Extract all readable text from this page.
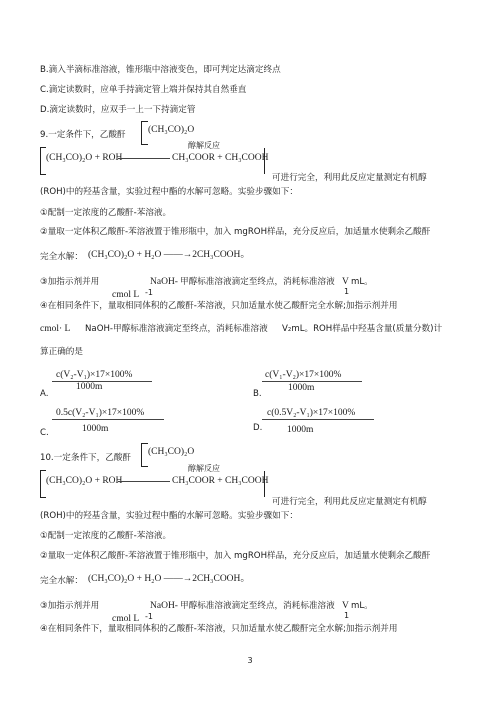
B.滴入半滴标准溶液，锥形瓶中溶液变色，即可判定达滴定终点
C.滴定读数时，应单手持滴定管上端并保持其自然垂直
D.滴定读数时，应双手一上一下持滴定管
9.一定条件下，乙酸酐 (CH₃CO)₂O
(CH₃CO)₂O + ROH
醇解反应
CH₃COOR + CH₃COOH
可进行完全，利用此反应定量测定有机醇
(ROH)中的羟基含量，实验过程中酯的水解可忽略。实验步骤如下：
①配制一定浓度的乙酸酐-苯溶液。
②量取一定体积乙酸酐-苯溶液置于锥形瓶中，加入 mgROH样品，充分反应后，加适量水使剩余乙酸酐
完全水解： (CH₃CO)₂O + H₂O ——→2CH₃COOH。
③加指示剂并用	NaOH- 甲醇标准溶液滴定至终点，消耗标准溶液 V mL。
1
cmol L -1
④在相同条件下，量取相同体积的乙酸酐-苯溶液，只加适量水使乙酸酐完全水解;加指示剂并用
cmol· L NaOH-甲醇标准溶液滴定至终点，消耗标准溶液 V₂mL。ROH样品中羟基含量(质量分数)计
算正确的是
c(V₂-V₁)×17×100%
1000m
A.
c(V₁-V₂)×17×100%
1000m
B.
0.5c(V₂-V₁)×17×100%
1000m
C.
c(0.5V₂-V₁)×17×100%
1000m
D.
10.一定条件下，乙酸酐
(CH₃CO)₂O
(CH₃CO)₂O + ROH
醇解反应
CH₃COOR + CH₃COOH
可进行完全，利用此反应定量测定有机醇
(ROH)中的羟基含量，实验过程中酯的水解可忽略。实验步骤如下：
①配制一定浓度的乙酸酐-苯溶液。
②量取一定体积乙酸酐-苯溶液置于锥形瓶中，加入 mgROH样品，充分反应后，加适量水使剩余乙酸酐
完全水解： (CH₃CO)₂O + H₂O ——→2CH₃COOH。
③加指示剂并用	NaOH- 甲醇标准溶液滴定至终点，消耗标准溶液 V mL。
1
cmol L -1
④在相同条件下，量取相同体积的乙酸酐-苯溶液，只加适量水使乙酸酐完全水解;加指示剂并用
3
